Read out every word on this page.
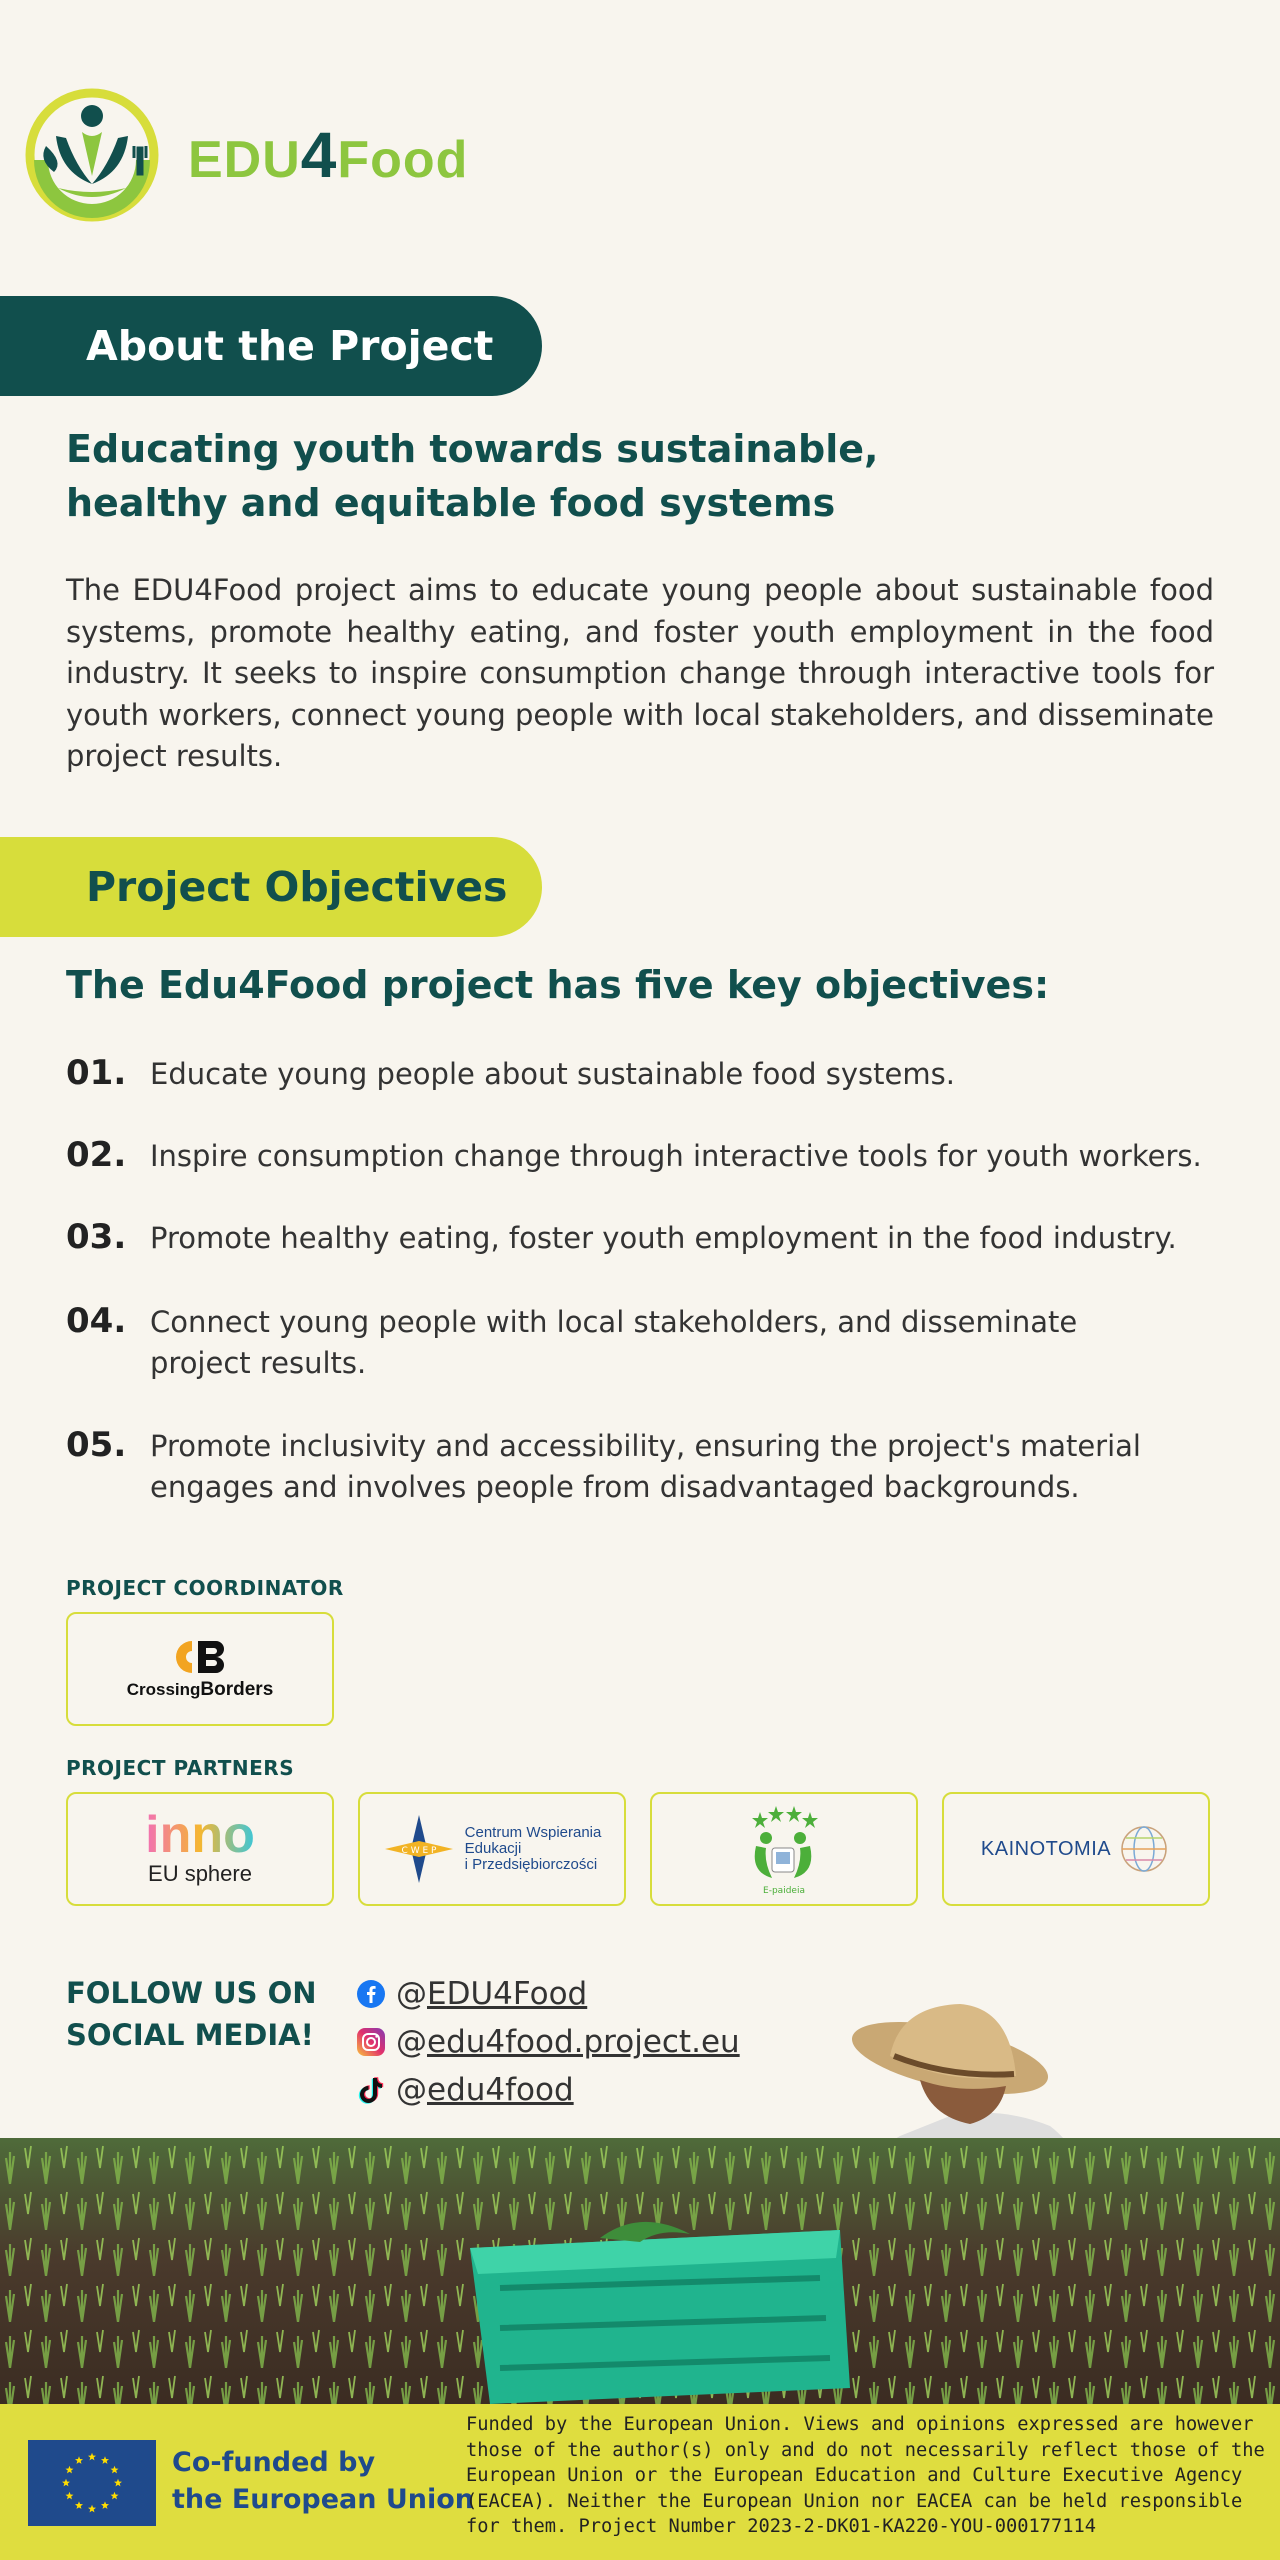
EDU4Food
About the Project
Educating youth towards sustainable,
healthy and equitable food systems
The EDU4Food project aims to educate young people about sustainable food systems, promote healthy eating, and foster youth employment in the food industry. It seeks to inspire consumption change through interactive tools for youth workers, connect young people with local stakeholders, and disseminate project results.
Project Objectives
The Edu4Food project has five key objectives:
01. Educate young people about sustainable food systems.
02. Inspire consumption change through interactive tools for youth workers.
03. Promote healthy eating, foster youth employment in the food industry.
04. Connect young people with local stakeholders, and disseminate project results.
05. Promote inclusivity and accessibility, ensuring the project's material engages and involves people from disadvantaged backgrounds.
PROJECT COORDINATOR
CrossingBorders
PROJECT PARTNERS
inno
EU sphere
C W E P
Centrum Wspierania
Edukacji
i Przedsiębiorczości
E-paideia
KAINOTOMIA
FOLLOW US ON
SOCIAL MEDIA!
@ EDU4Food
@ edu4food.project.eu
@ edu4food
Co-funded by
the European Union
Funded by the European Union. Views and opinions expressed are however those of the author(s) only and do not necessarily reflect those of the European Union or the European Education and Culture Executive Agency (EACEA). Neither the European Union nor EACEA can be held responsible for them. Project Number 2023-2-DK01-KA220-YOU-000177114
